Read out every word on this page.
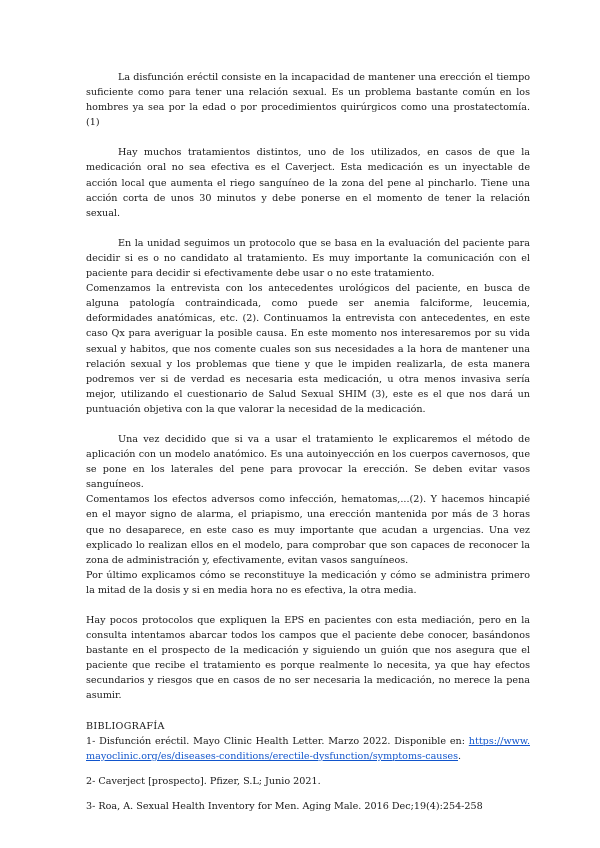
La disfunción eréctil consiste en la incapacidad de mantener una erección el tiempo suficiente como para tener una relación sexual. Es un problema bastante común en los hombres ya sea por la edad o por procedimientos quirúrgicos como una prostatectomía. (1)

Hay muchos tratamientos distintos, uno de los utilizados, en casos de que la medicación oral no sea efectiva es el Caverject. Esta medicación es un inyectable de acción local que aumenta el riego sanguíneo de la zona del pene al pincharlo. Tiene una acción corta de unos 30 minutos y debe ponerse en el momento de tener la relación sexual.

En la unidad seguimos un protocolo que se basa en la evaluación del paciente para decidir si es o no candidato al tratamiento. Es muy importante la comunicación con el paciente para decidir si efectivamente debe usar o no este tratamiento.

Comenzamos la entrevista con los antecedentes urológicos del paciente, en busca de alguna patología contraindicada, como puede ser anemia falciforme, leucemia, deformidades anatómicas, etc. (2). Continuamos la entrevista con antecedentes, en este caso Qx para averiguar la posible causa. En este momento nos interesaremos por su vida sexual y habitos, que nos comente cuales son sus necesidades a la hora de mantener una relación sexual y los problemas que tiene y que le impiden realizarla, de esta manera podremos ver si de verdad es necesaria esta medicación, u otra menos invasiva sería mejor, utilizando el cuestionario de Salud Sexual SHIM (3), este es el que nos dará un puntuación objetiva con la que valorar la necesidad de la medicación.

Una vez decidido que si va a usar el tratamiento le explicaremos el método de aplicación con un modelo anatómico. Es una autoinyección en los cuerpos cavernosos, que se pone en los laterales del pene para provocar la erección. Se deben evitar vasos sanguíneos.

Comentamos los efectos adversos como infección, hematomas,...(2). Y hacemos hincapié en el mayor signo de alarma, el priapismo, una erección mantenida por más de 3 horas que no desaparece, en este caso es muy importante que acudan a urgencias. Una vez explicado lo realizan ellos en el modelo, para comprobar que son capaces de reconocer la zona de administración y, efectivamente, evitan vasos sanguíneos.

Por último explicamos cómo se reconstituye la medicación y cómo se administra primero la mitad de la dosis y si en media hora no es efectiva, la otra media.

Hay pocos protocolos que expliquen la EPS en pacientes con esta mediación, pero en la consulta intentamos abarcar todos los campos que el paciente debe conocer, basándonos bastante en el prospecto de la medicación y siguiendo un guión que nos asegura que el paciente que recibe el tratamiento es porque realmente lo necesita, ya que hay efectos secundarios y riesgos que en casos de no ser necesaria la medicación, no merece la pena asumir.

BIBLIOGRAFÍA

1- Disfunción eréctil. Mayo Clinic Health Letter. Marzo 2022. Disponible en: https://www.mayoclinic.org/es/diseases-conditions/erectile-dysfunction/symptoms-causes.

2- Caverject [prospecto]. Pfizer, S.L; Junio 2021.

3- Roa, A. Sexual Health Inventory for Men. Aging Male. 2016 Dec;19(4):254-258
